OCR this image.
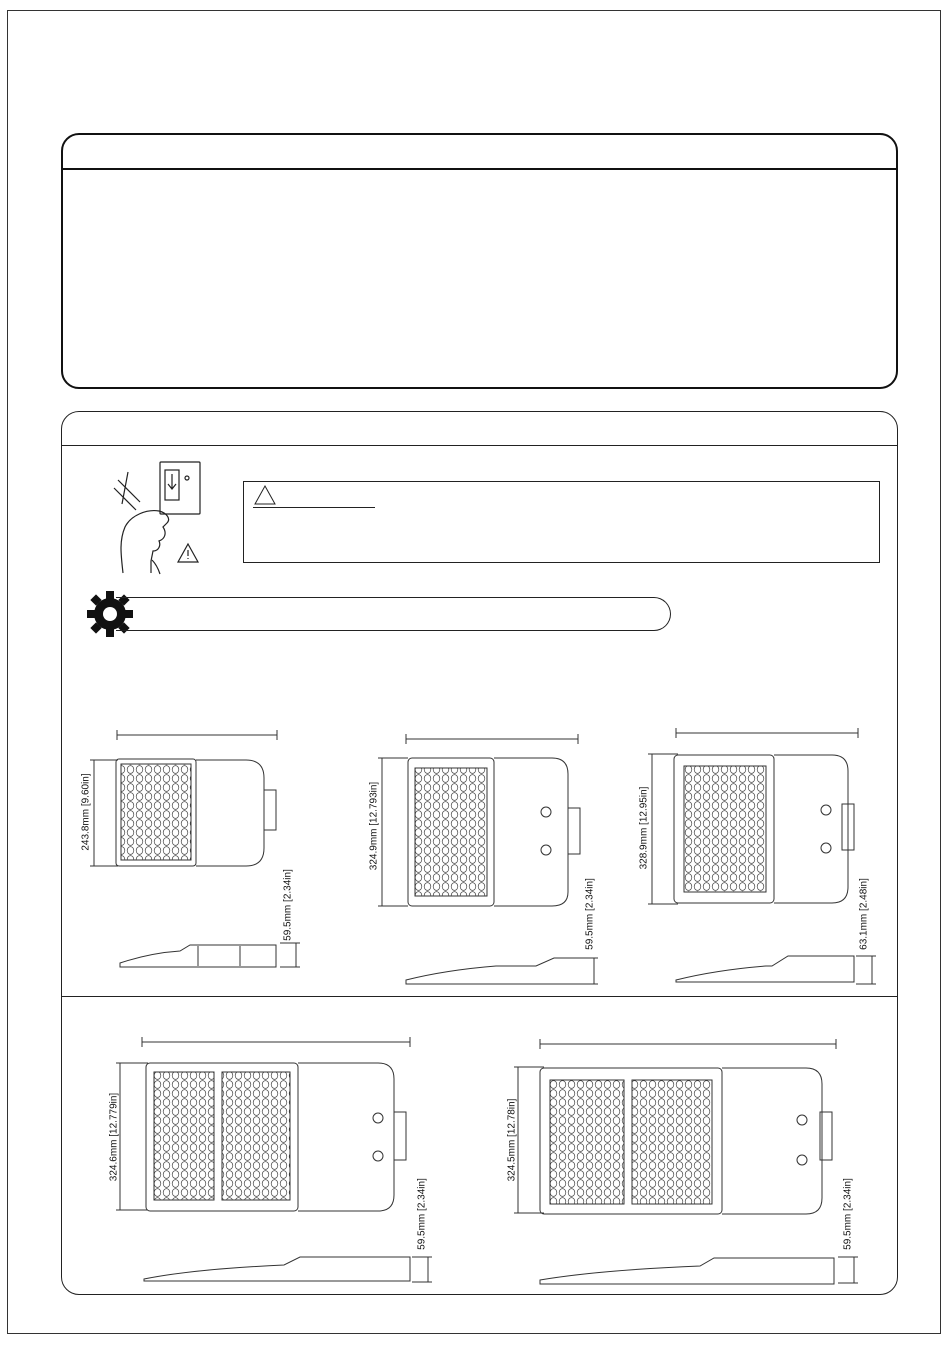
243.8mm [9.60in]
59.5mm [2.34in]
324.9mm [12.793in]
59.5mm [2.34in]
328.9mm [12.95in]
63.1mm [2.48in]
324.6mm [12.779in]
59.5mm [2.34in]
324.5mm [12.78in]
59.5mm [2.34in]
